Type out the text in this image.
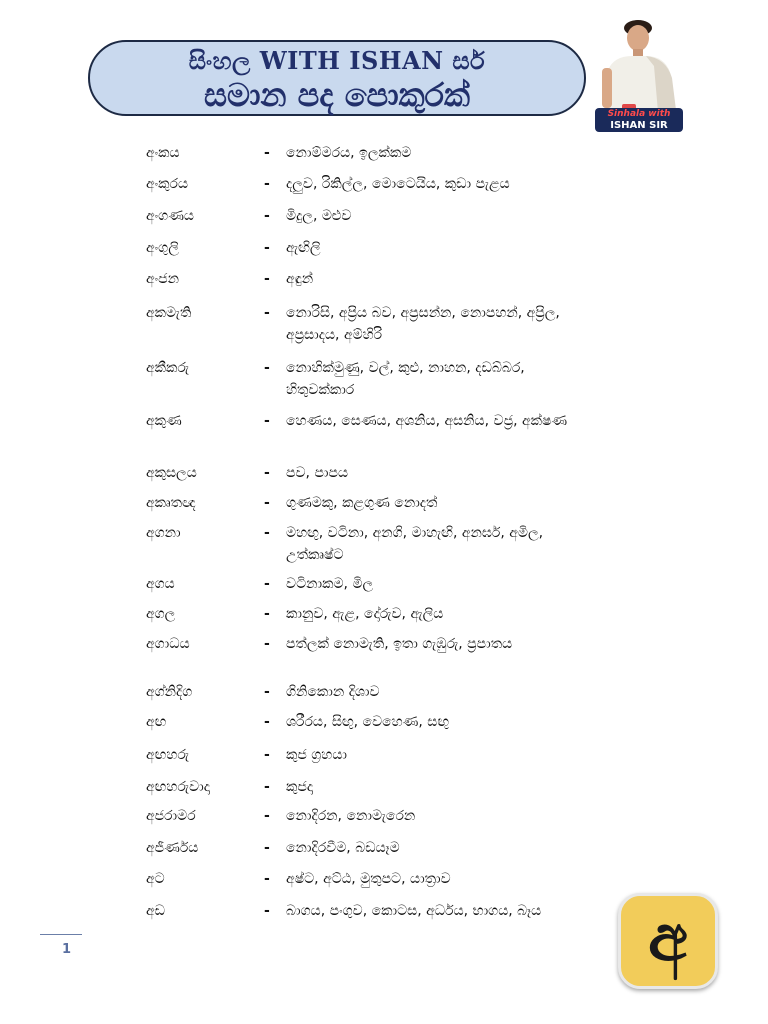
සිංහල WITH ISHAN සර්
සමාන පද පොකුරක්	Sinhala with
ISHAN SIR
අංකය	- නොම්මරය, ඉලක්කම
අංකුරය	- දලුව, රිකිල්ල, මොටෙයිය, කුඩා පැළය
අංගණය	- මිදුල, මළුව
අංගුලි	- ඇඟිලි
අංජන	- අඳුන්
අකමැති	- නොරිසි, අප්‍රිය බව, අප්‍රසන්න, නොපහන්, අප්‍රිල, අප්‍රසාදය, අම්හිරි
අකීකරු	- නොහික්මුණු, වල්, කුළු, නාහන, දඩබ්බර, හිතුවක්කාර
අකුණ	- හෙණය, සෙණය, අශනිය, අසනිය, වජ්‍ර, අක්ෂණ
අකුසලය	- පව, පාපය
අකෘතඥ	- ගුණමකු, කළගුණ නොදත්
අගනා	- මහඟු, වටිනා, අනගි, මාහැඟි, අනර්ඝ, අමිල, උත්කෘෂ්ට
අගය	- වටිනාකම, මිල
අගල	- කානුව, ඇළ, දෝරුව, ඇලිය
අගාධය	- පත්ලක් නොමැති, ඉතා ගැඹුරු, ප්‍රපාතය
අග්නිදිග	- ගිනිකොන දිශාව
අඟ	- ශරීරය, සිඟු, වෙහෙණ, සඟු
අඟහරු	- කුජ ග්‍රහයා
අඟහරුවාදා	- කුජදා
අජරාමර	- නොදිරන, නොමැරෙන
අජීර්ණය	- නොදිරවීම, බඩයෑම
අට	- අෂ්ට, අට්ඨ, මුතුපට, යාත්‍රාව
අඩ	- බාගය, පංගුව, කොටස, අර්ධය, භාගය, බෑය
1	අ
